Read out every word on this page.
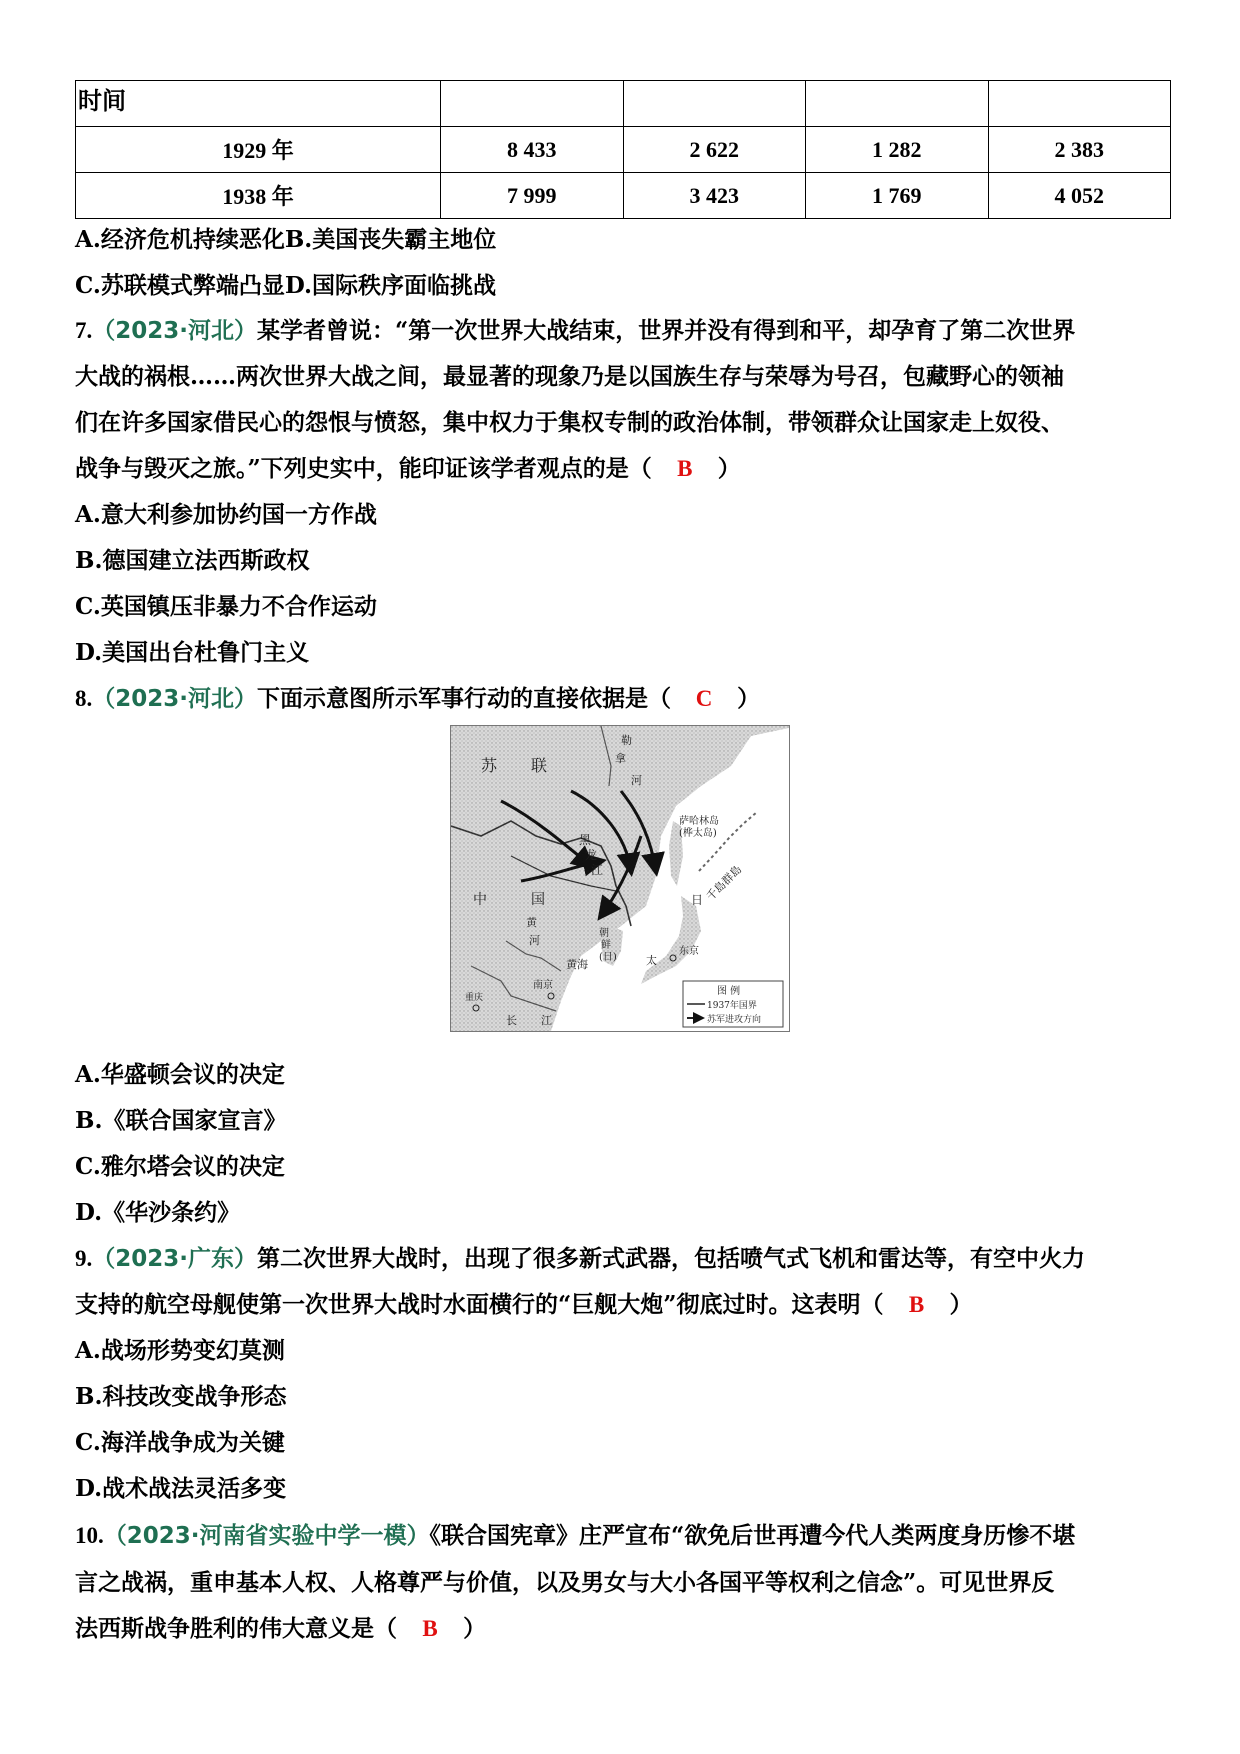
时间				
1929 年	8 433	2 622	1 282	2 383
1938 年	7 999	3 423	1 769	4 052
A.经济危机持续恶化B.美国丧失霸主地位
C.苏联模式弊端凸显D.国际秩序面临挑战
7.（2023·河北）某学者曾说：“第一次世界大战结束，世界并没有得到和平，却孕育了第二次世界
大战的祸根……两次世界大战之间，最显著的现象乃是以国族生存与荣辱为号召，包藏野心的领袖
们在许多国家借民心的怨恨与愤怒，集中权力于集权专制的政治体制，带领群众让国家走上奴役、
战争与毁灭之旅。”下列史实中，能印证该学者观点的是（ B ）
A.意大利参加协约国一方作战
B.德国建立法西斯政权
C.英国镇压非暴力不合作运动
D.美国出台杜鲁门主义
8.（2023·河北）下面示意图所示军事行动的直接依据是（ C ）
苏 联
中	国
黑
龙
江
勒
拿
河
萨哈林岛
(桦太岛)
千島群島
日
黄
河
朝
鲜
(日)
黄海	太
东京
重庆
南京
长 江
图 例
1937年国界
苏军进攻方向
A.华盛顿会议的决定
B.《联合国家宣言》
C.雅尔塔会议的决定
D.《华沙条约》
9.（2023·广东）第二次世界大战时，出现了很多新式武器，包括喷气式飞机和雷达等，有空中火力
支持的航空母舰使第一次世界大战时水面横行的“巨舰大炮”彻底过时。这表明（ B ）
A.战场形势变幻莫测
B.科技改变战争形态
C.海洋战争成为关键
D.战术战法灵活多变
10.（2023·河南省实验中学一模）《联合国宪章》庄严宣布“欲免后世再遭今代人类两度身历惨不堪
言之战祸，重申基本人权、人格尊严与价值，以及男女与大小各国平等权利之信念”。可见世界反
法西斯战争胜利的伟大意义是（ B ）
